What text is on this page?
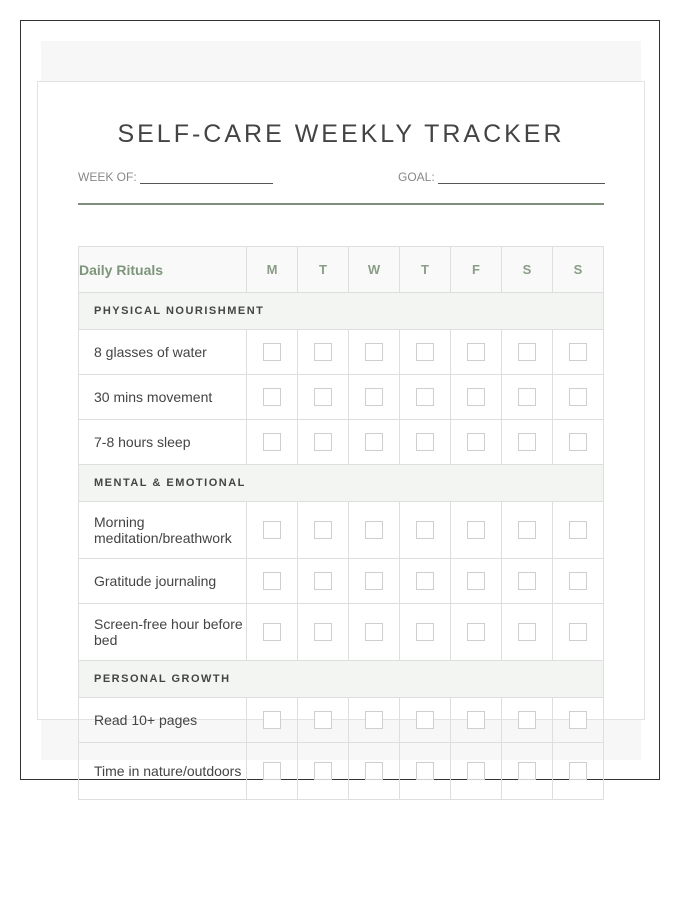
SELF-CARE WEEKLY TRACKER
WEEK OF:	GOAL:
Daily Rituals	M	T	W	T	F	S	S
PHYSICAL NOURISHMENT							
8 glasses of water							
30 mins movement							
7-8 hours sleep							
MENTAL & EMOTIONAL							
Morning meditation/breathwork							
Gratitude journaling							
Screen-free hour before bed							
PERSONAL GROWTH							
Read 10+ pages							
Time in nature/outdoors							
